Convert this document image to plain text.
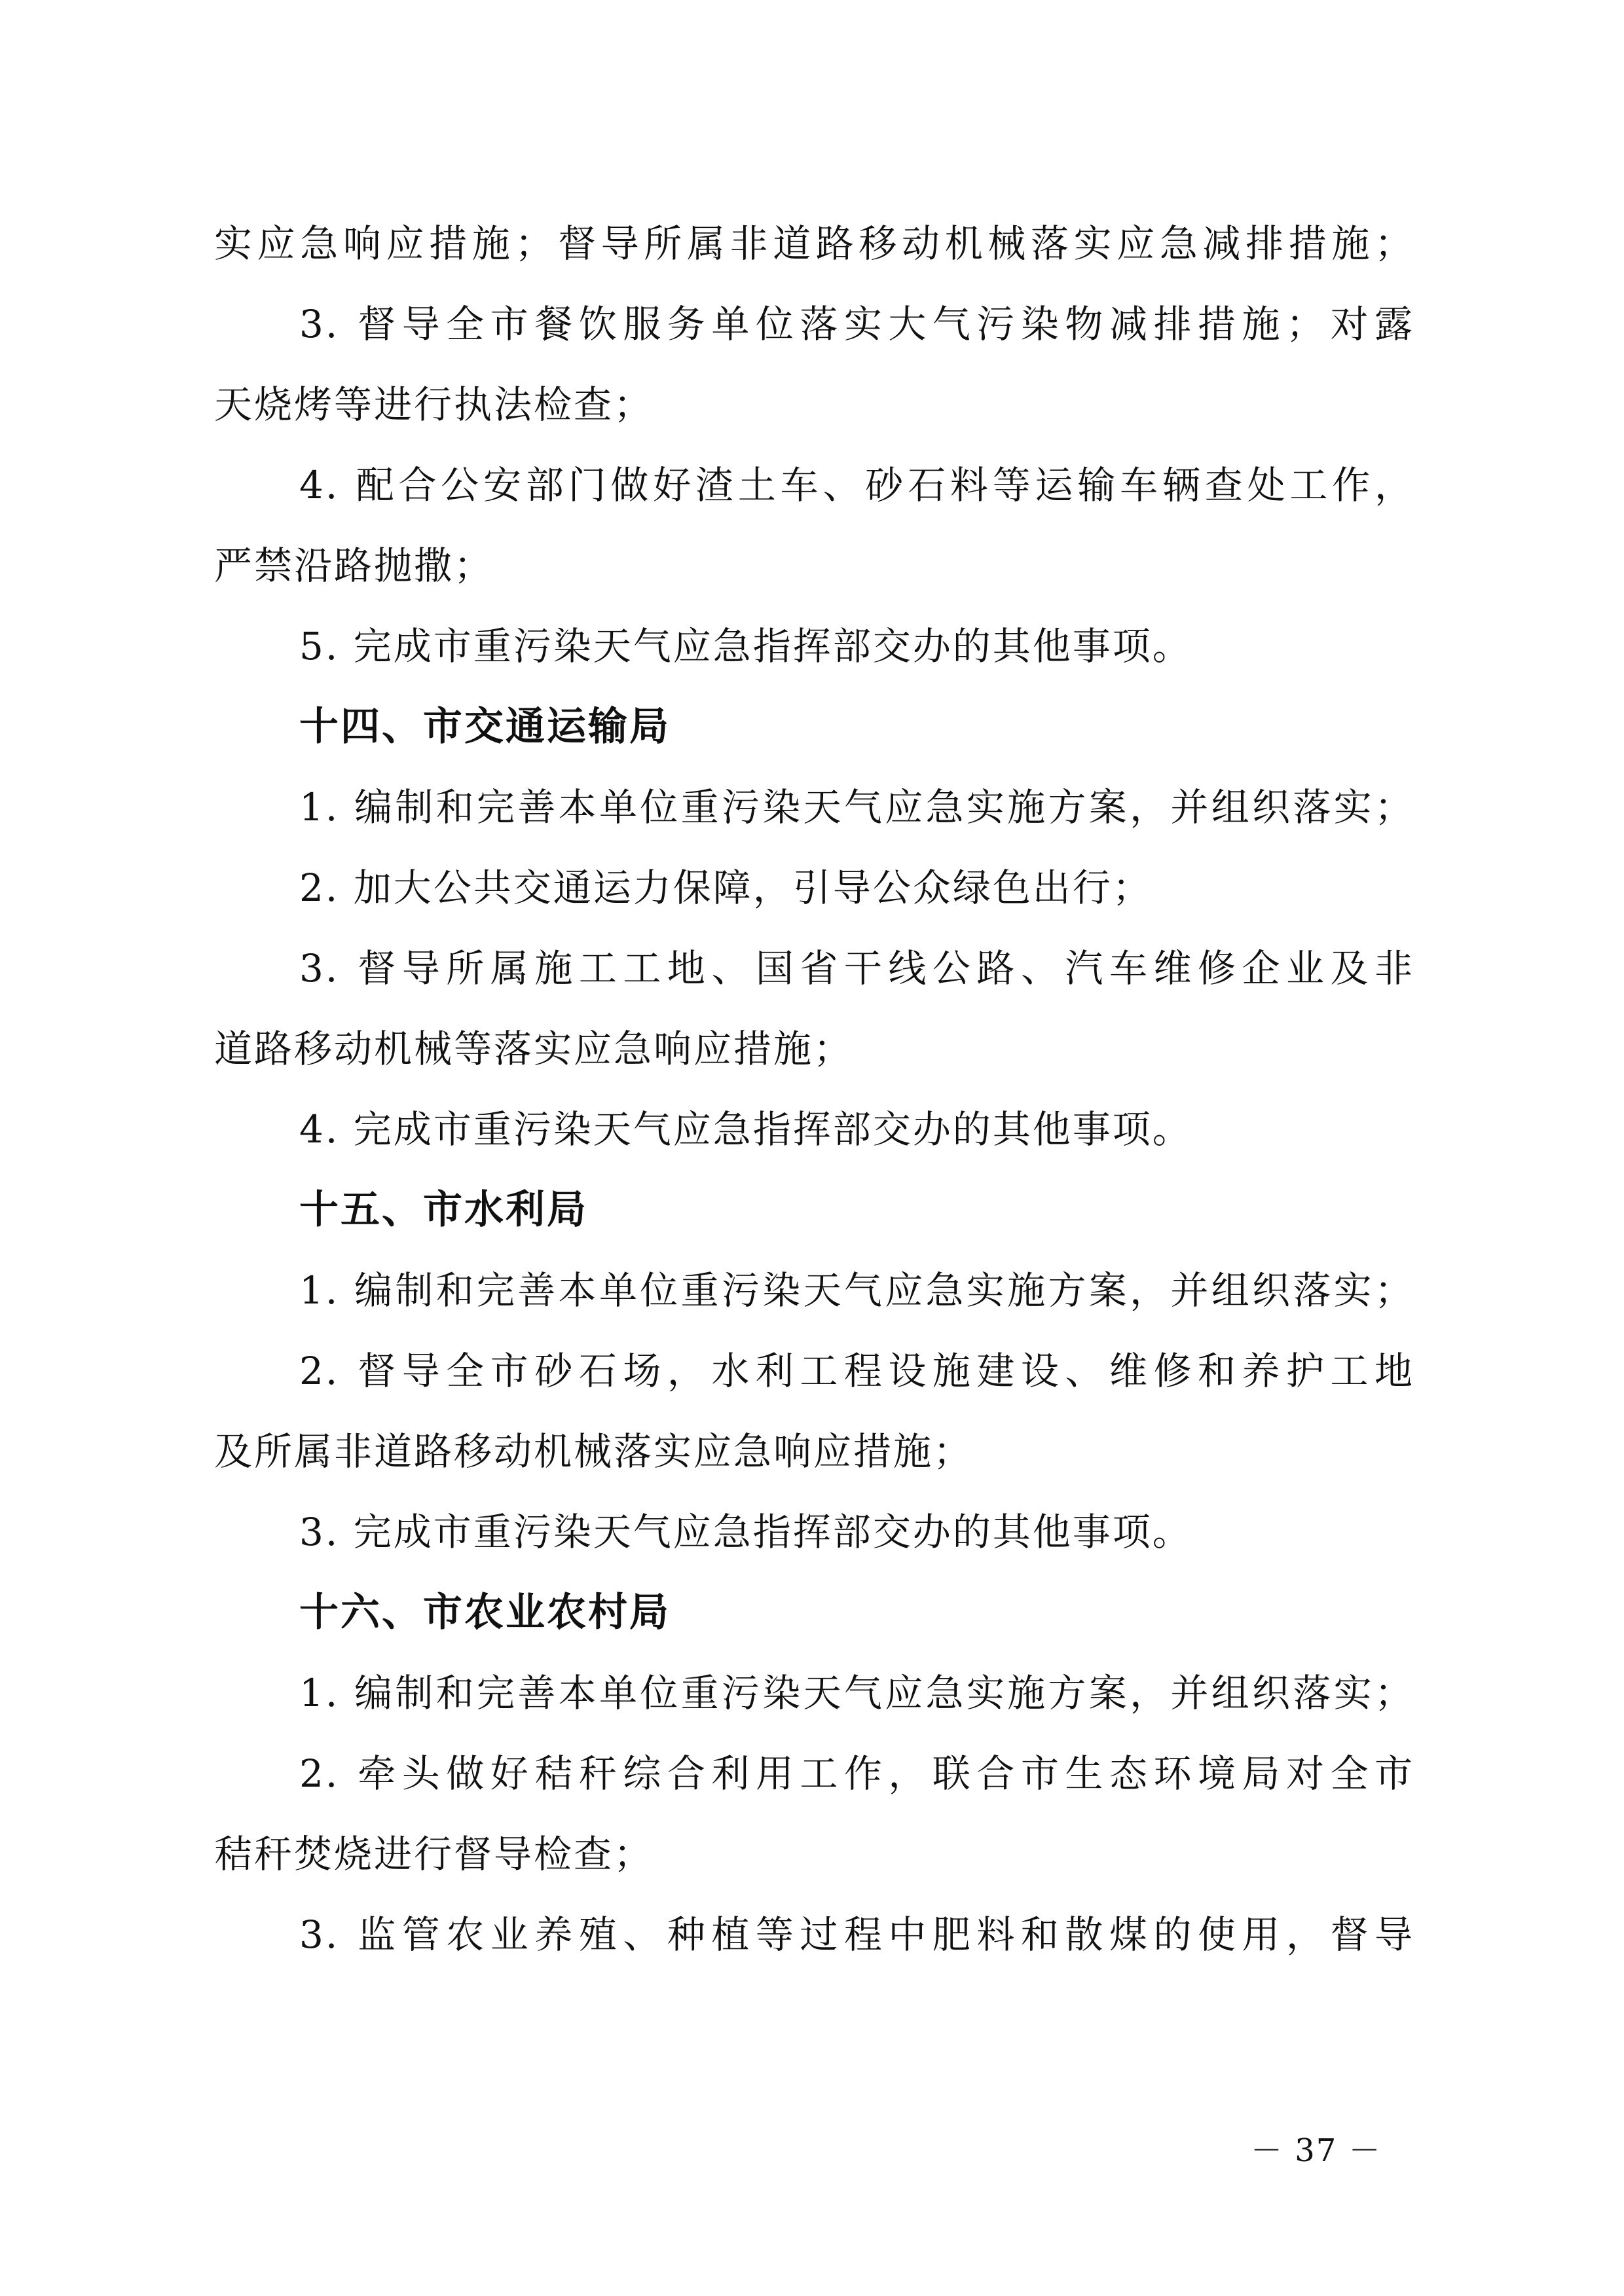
实应急响应措施；督导所属非道路移动机械落实应急减排措施；
3. 督导全市餐饮服务单位落实大气污染物减排措施；对露
天烧烤等进行执法检查；
4. 配合公安部门做好渣土车、砂石料等运输车辆查处工作，
严禁沿路抛撒；
5. 完成市重污染天气应急指挥部交办的其他事项。
十四、市交通运输局
1. 编制和完善本单位重污染天气应急实施方案，并组织落实；
2. 加大公共交通运力保障，引导公众绿色出行；
3. 督导所属施工工地、国省干线公路、汽车维修企业及非
道路移动机械等落实应急响应措施；
4. 完成市重污染天气应急指挥部交办的其他事项。
十五、市水利局
1. 编制和完善本单位重污染天气应急实施方案，并组织落实；
2. 督导全市砂石场，水利工程设施建设、维修和养护工地
及所属非道路移动机械落实应急响应措施；
3. 完成市重污染天气应急指挥部交办的其他事项。
十六、市农业农村局
1. 编制和完善本单位重污染天气应急实施方案，并组织落实；
2. 牵头做好秸秆综合利用工作，联合市生态环境局对全市
秸秆焚烧进行督导检查；
3. 监管农业养殖、种植等过程中肥料和散煤的使用，督导
－ 37 －
